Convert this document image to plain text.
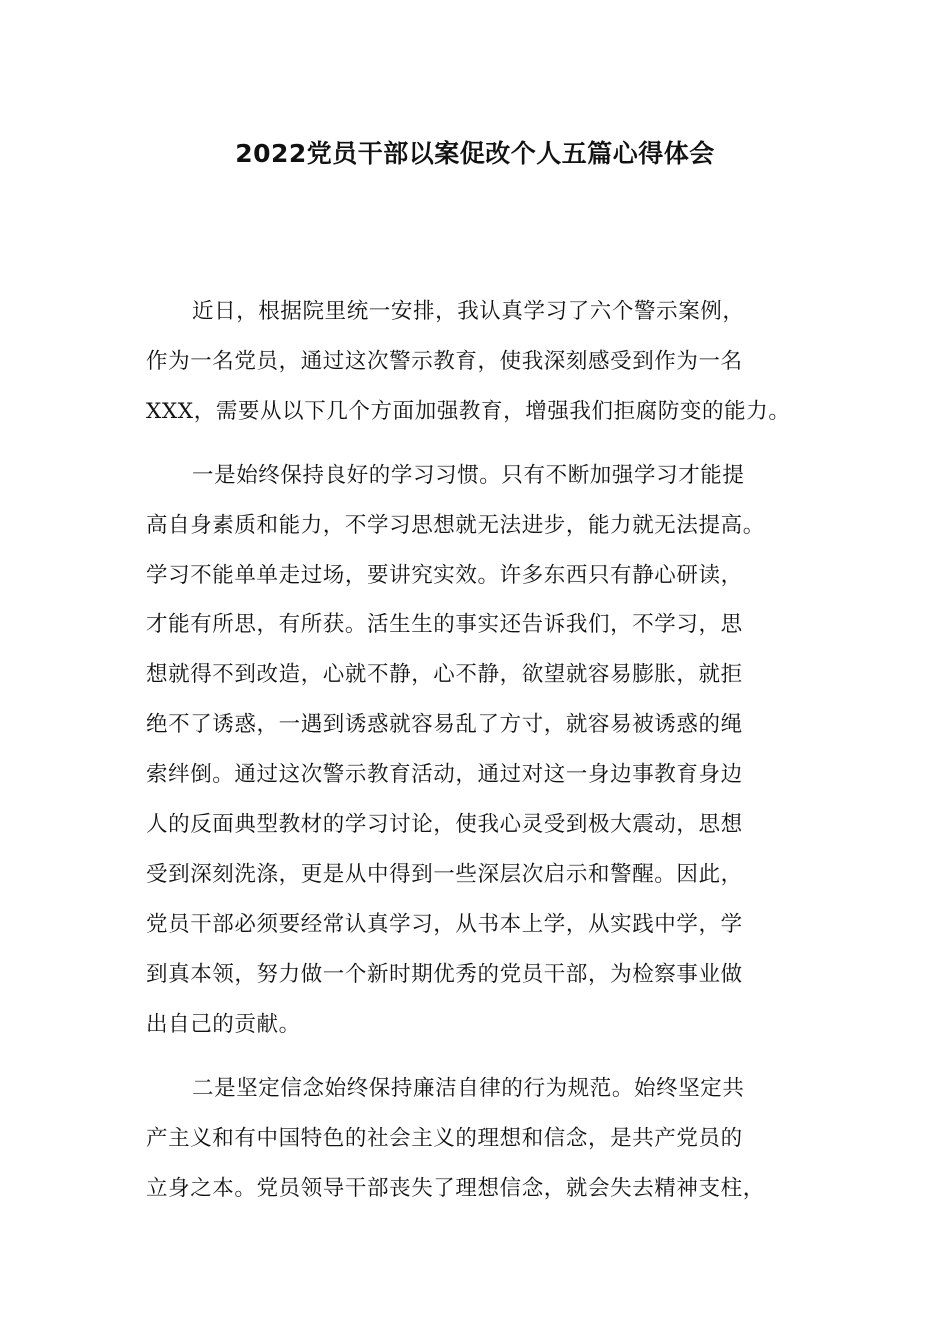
2022党员干部以案促改个人五篇心得体会

近日，根据院里统一安排，我认真学习了六个警示案例，

作为一名党员，通过这次警示教育，使我深刻感受到作为一名

XXX，需要从以下几个方面加强教育，增强我们拒腐防变的能力。

一是始终保持良好的学习习惯。只有不断加强学习才能提

高自身素质和能力，不学习思想就无法进步，能力就无法提高。

学习不能单单走过场，要讲究实效。许多东西只有静心研读，

才能有所思，有所获。活生生的事实还告诉我们，不学习，思

想就得不到改造，心就不静，心不静，欲望就容易膨胀，就拒

绝不了诱惑，一遇到诱惑就容易乱了方寸，就容易被诱惑的绳

索绊倒。通过这次警示教育活动，通过对这一身边事教育身边

人的反面典型教材的学习讨论，使我心灵受到极大震动，思想

受到深刻洗涤，更是从中得到一些深层次启示和警醒。因此，

党员干部必须要经常认真学习，从书本上学，从实践中学，学

到真本领，努力做一个新时期优秀的党员干部，为检察事业做

出自己的贡献。

二是坚定信念始终保持廉洁自律的行为规范。始终坚定共

产主义和有中国特色的社会主义的理想和信念，是共产党员的

立身之本。党员领导干部丧失了理想信念，就会失去精神支柱，
